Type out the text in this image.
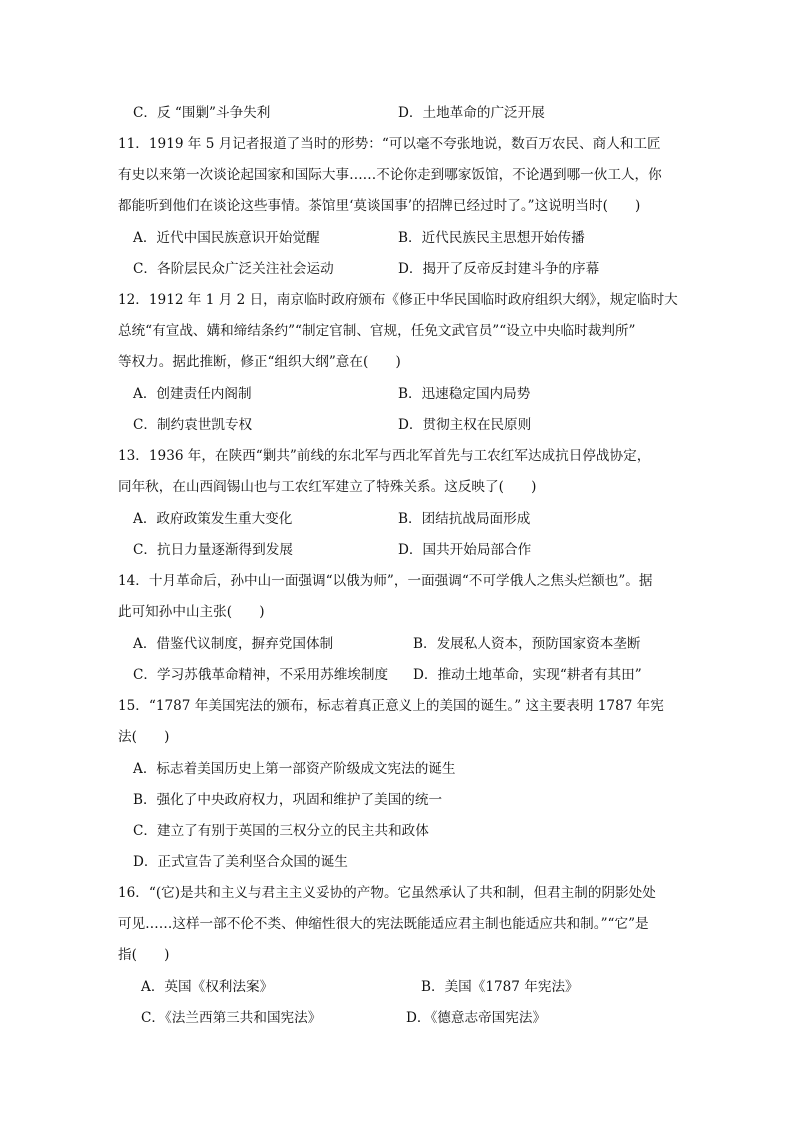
C．反 “围剿”斗争失利	D．土地革命的广泛开展
11．1919 年 5 月记者报道了当时的形势：“可以毫不夸张地说，数百万农民、商人和工匠
有史以来第一次谈论起国家和国际大事……不论你走到哪家饭馆，不论遇到哪一伙工人，你
都能听到他们在谈论这些事情。茶馆里‘莫谈国事’的招牌已经过时了。”这说明当时(　　)
A．近代中国民族意识开始觉醒	B．近代民族民主思想开始传播
C．各阶层民众广泛关注社会运动	D．揭开了反帝反封建斗争的序幕
12．1912 年 1 月 2 日，南京临时政府颁布《修正中华民国临时政府组织大纲》，规定临时大
总统“有宣战、媾和缔结条约”“制定官制、官规，任免文武官员”“设立中央临时裁判所”
等权力。据此推断，修正“组织大纲”意在(　　)
A．创建责任内阁制	B．迅速稳定国内局势
C．制约袁世凯专权	D．贯彻主权在民原则
13．1936 年，在陕西“剿共”前线的东北军与西北军首先与工农红军达成抗日停战协定，
同年秋，在山西阎锡山也与工农红军建立了特殊关系。这反映了(　　)
A．政府政策发生重大变化	B．团结抗战局面形成
C．抗日力量逐渐得到发展	D．国共开始局部合作
14．十月革命后，孙中山一面强调“以俄为师”，一面强调“不可学俄人之焦头烂额也”。据
此可知孙中山主张(　　)
A．借鉴代议制度，摒弃党国体制	B．发展私人资本，预防国家资本垄断
C．学习苏俄革命精神，不采用苏维埃制度 D．推动土地革命，实现“耕者有其田”
15．“1787 年美国宪法的颁布，标志着真正意义上的美国的诞生。” 这主要表明 1787 年宪
法(　　)
A．标志着美国历史上第一部资产阶级成文宪法的诞生
B．强化了中央政府权力，巩固和维护了美国的统一
C．建立了有别于英国的三权分立的民主共和政体
D．正式宣告了美利坚合众国的诞生
16．“(它)是共和主义与君主主义妥协的产物。它虽然承认了共和制，但君主制的阴影处处
可见……这样一部不伦不类、伸缩性很大的宪法既能适应君主制也能适应共和制。”“它”是
指(　　)
A．英国《权利法案》	B．美国《1787 年宪法》
C．《法兰西第三共和国宪法》	D．《德意志帝国宪法》
